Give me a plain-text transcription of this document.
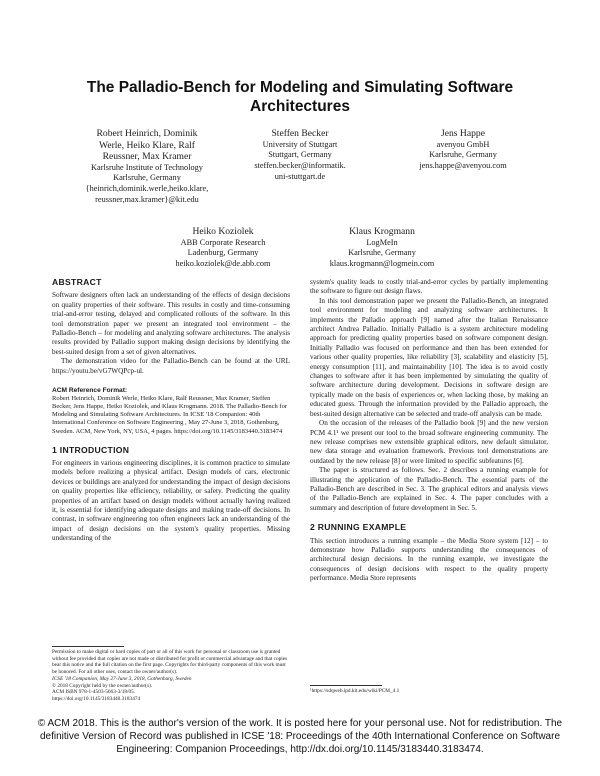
The Palladio-Bench for Modeling and Simulating Software Architectures
Robert Heinrich, Dominik
Werle, Heiko Klare, Ralf
Reussner, Max Kramer
Karlsruhe Institute of Technology
Karlsruhe, Germany
{heinrich,dominik.werle,heiko.klare,
reussner,max.kramer}@kit.edu
Steffen Becker
University of Stuttgart
Stuttgart, Germany
steffen.becker@informatik.
uni-stuttgart.de
Jens Happe
avenyou GmbH
Karlsruhe, Germany
jens.happe@avenyou.com
Heiko Koziolek
ABB Corporate Research
Ladenburg, Germany
heiko.koziolek@de.abb.com
Klaus Krogmann
LogMeIn
Karlsruhe, Germany
klaus.krogmann@logmein.com
ABSTRACT

Software designers often lack an understanding of the effects of design decisions on quality properties of their software. This results in costly and time-consuming trial-and-error testing, delayed and complicated rollouts of the software. In this tool demonstration paper we present an integrated tool environment – the Palladio-Bench – for modeling and analyzing software architectures. The analysis results provided by Palladio support making design decisions by identifying the best-suited design from a set of given alternatives.

The demonstration video for the Palladio-Bench can be found at the URL https://youtu.be/vG7WQPcp-ul.

ACM Reference Format:
Robert Heinrich, Dominik Werle, Heiko Klare, Ralf Reussner, Max Kramer, Steffen Becker, Jens Happe, Heiko Koziolek, and Klaus Krogmann. 2018. The Palladio-Bench for Modeling and Simulating Software Architectures. In ICSE '18 Companion: 40th International Conference on Software Engineering , May 27-June 3, 2018, Gothenburg, Sweden. ACM, New York, NY, USA, 4 pages. https://doi.org/10.1145/3183440.3183474
1 INTRODUCTION

For engineers in various engineering disciplines, it is common practice to simulate models before realizing a physical artifact. Design models of cars, electronic devices or buildings are analyzed for understanding the impact of design decisions on quality properties like efficiency, reliability, or safety. Predicting the quality properties of an artifact based on design models without actually having realized it, is essential for identifying adequate designs and making trade-off decisions. In contrast, in software engineering too often engineers lack an understanding of the impact of design decisions on the system's quality properties. Missing understanding of the

Permission to make digital or hard copies of part or all of this work for personal or classroom use is granted without fee provided that copies are not made or distributed for profit or commercial advantage and that copies bear this notice and the full citation on the first page. Copyrights for third-party components of this work must be honored. For all other uses, contact the owner/author(s).
ICSE '18 Companion, May 27-June 3, 2018, Gothenburg, Sweden
© 2018 Copyright held by the owner/author(s).
ACM ISBN 978-1-4503-5663-3/18/05.
https://doi.org/10.1145/3183440.3183474

system's quality leads to costly trial-and-error cycles by partially implementing the software to figure out design flaws.

In this tool demonstration paper we present the Palladio-Bench, an integrated tool environment for modeling and analyzing software architectures. It implements the Palladio approach [9] named after the Italian Renaissance architect Andrea Palladio. Initially Palladio is a system architecture modeling approach for predicting quality properties based on software component design. Initially Palladio was focused on performance and then has been extended for various other quality properties, like reliability [3], scalability and elasticity [5], energy consumption [11], and maintainability [10]. The idea is to avoid costly changes to software after it has been implemented by simulating the quality of software architecture during development. Decisions in software design are typically made on the basis of experiences or, when lacking those, by making an educated guess. Through the information provided by the Palladio approach, the best-suited design alternative can be selected and trade-off analysis can be made.

On the occasion of the releases of the Palladio book [9] and the new version PCM 4.1¹ we present our tool to the broad software engineering community. The new release comprises new extensible graphical editors, new default simulator, new data storage and evaluation framework. Previous tool demonstrations are outdated by the new release [8] or were limited to specific subfeatures [6].

The paper is structured as follows. Sec. 2 describes a running example for illustrating the application of the Palladio-Bench. The essential parts of the Palladio-Bench are described in Sec. 3. The graphical editors and analysis views of the Palladio-Bench are explained in Sec. 4. The paper concludes with a summary and description of future development in Sec. 5.

2 RUNNING EXAMPLE

This section introduces a running example – the Media Store system [12] – to demonstrate how Palladio supports understanding the consequences of architectural design decisions. In the running example, we investigate the consequences of design decisions with respect to the quality property performance. Media Store represents

¹https://sdqweb.ipd.kit.edu/wiki/PCM_4.1
© ACM 2018. This is the author's version of the work. It is posted here for your personal use. Not for redistribution. The definitive Version of Record was published in ICSE '18: Proceedings of the 40th International Conference on Software Engineering: Companion Proceedings, http://dx.doi.org/10.1145/3183440.3183474.
